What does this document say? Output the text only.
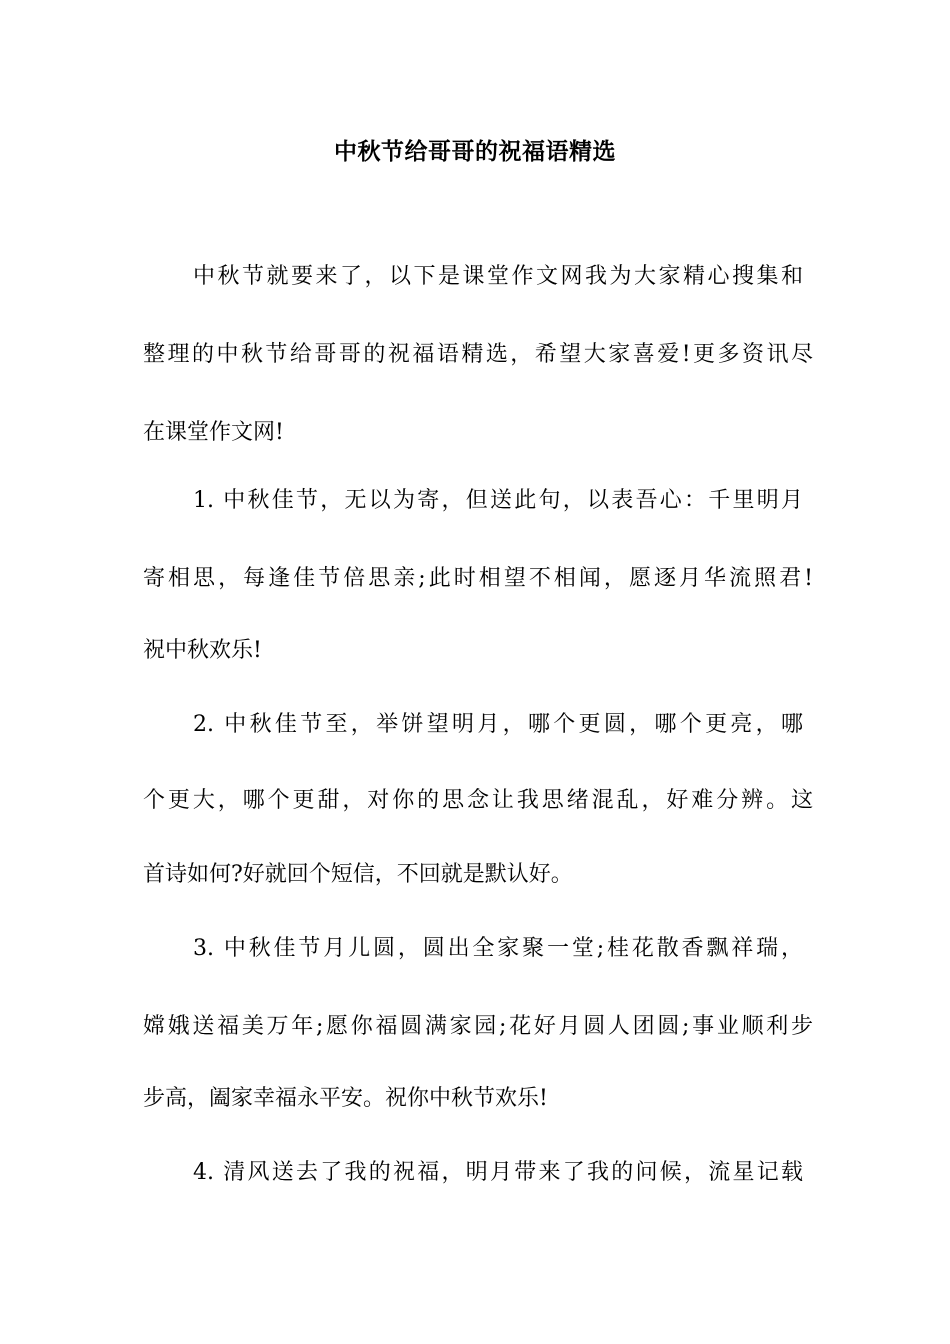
中秋节给哥哥的祝福语精选
中秋节就要来了，以下是课堂作文网我为大家精心搜集和
整理的中秋节给哥哥的祝福语精选，希望大家喜爱!更多资讯尽
在课堂作文网!
1. 中秋佳节，无以为寄，但送此句，以表吾心：千里明月
寄相思，每逢佳节倍思亲;此时相望不相闻，愿逐月华流照君!
祝中秋欢乐!
2. 中秋佳节至，举饼望明月，哪个更圆，哪个更亮，哪
个更大，哪个更甜，对你的思念让我思绪混乱，好难分辨。这
首诗如何?好就回个短信，不回就是默认好。
3. 中秋佳节月儿圆，圆出全家聚一堂;桂花散香飘祥瑞，
嫦娥送福美万年;愿你福圆满家园;花好月圆人团圆;事业顺利步
步高，阖家幸福永平安。祝你中秋节欢乐!
4. 清风送去了我的祝福，明月带来了我的问候，流星记载
